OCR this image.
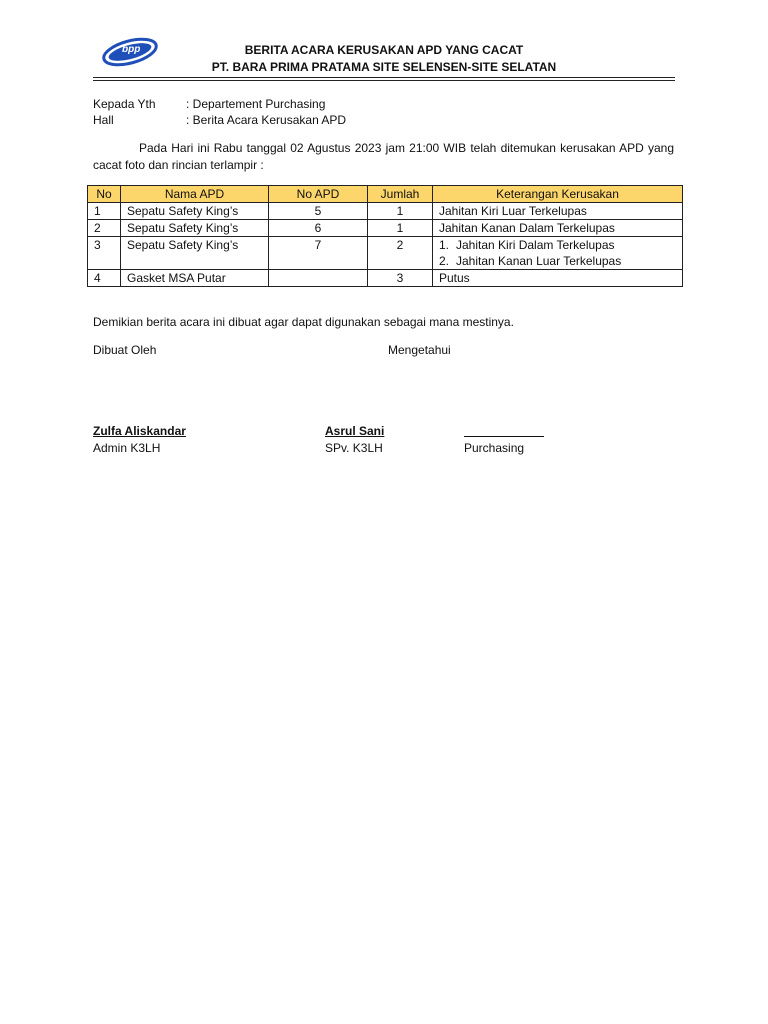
bpp	BERITA ACARA KERUSAKAN APD YANG CACAT
PT. BARA PRIMA PRATAMA SITE SELENSEN-SITE SELATAN
Kepada Yth	: Departement Purchasing
Hall	: Berita Acara Kerusakan APD
Pada Hari ini Rabu tanggal 02 Agustus 2023 jam 21:00 WIB telah ditemukan kerusakan APD yang cacat foto dan rincian terlampir :
No	Nama APD	No APD	Jumlah	Keterangan Kerusakan
1	Sepatu Safety King’s	5	1	Jahitan Kiri Luar Terkelupas
2	Sepatu Safety King’s	6	1	Jahitan Kanan Dalam Terkelupas
3	Sepatu Safety King’s	7	2	1. Jahitan Kiri Dalam Terkelupas
2. Jahitan Kanan Luar Terkelupas

4	Gasket MSA Putar		3	Putus
Demikian berita acara ini dibuat agar dapat digunakan sebagai mana mestinya.
Dibuat Oleh	Mengetahui
Zulfa Aliskandar
Admin K3LH
Asrul Sani
SPv. K3LH	Purchasing
